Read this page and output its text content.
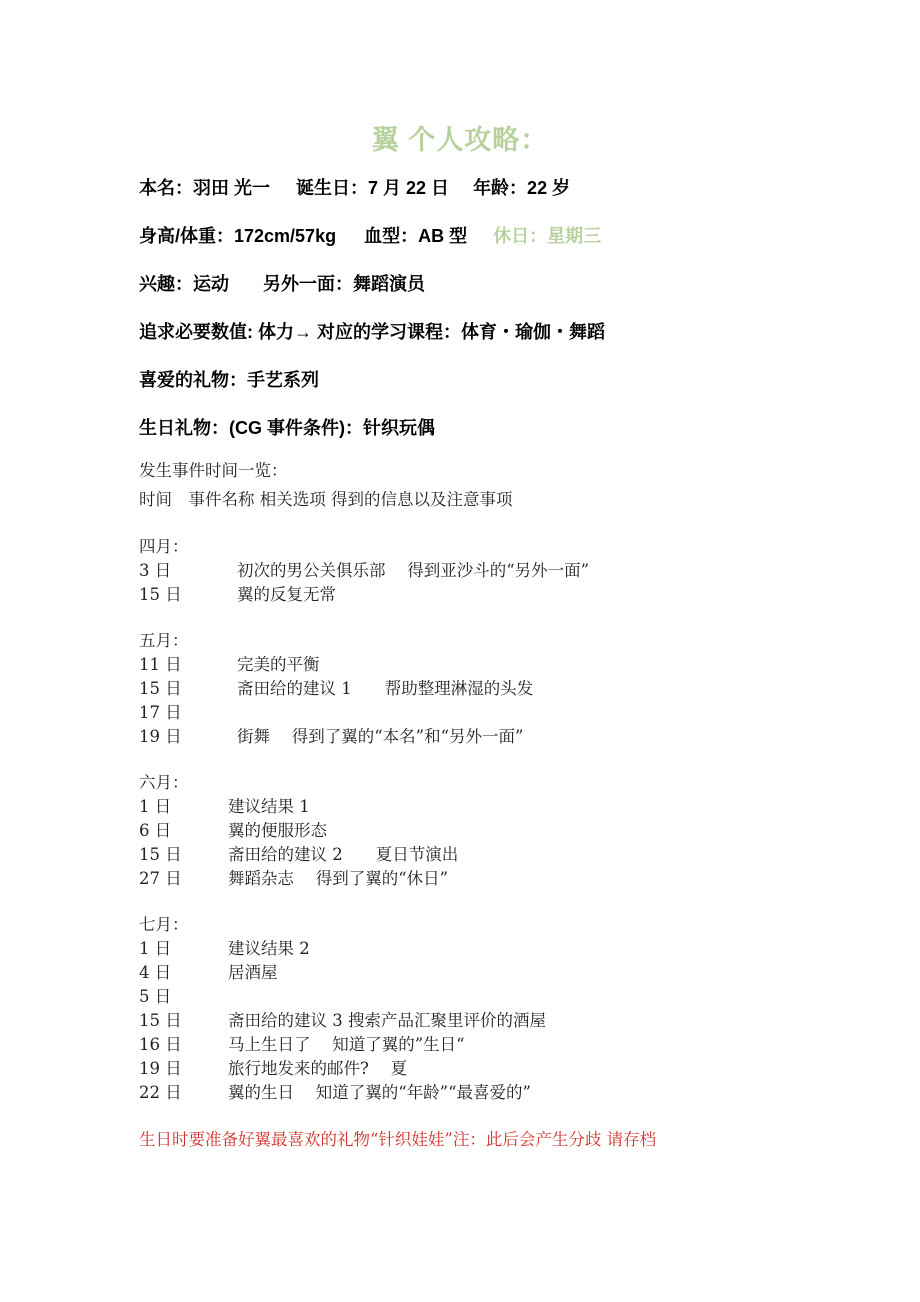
翼 个人攻略：
本名：羽田 光一 诞生日：7 月 22 日 年龄：22 岁
身高/体重：172cm/57kg 血型：AB 型 休日：星期三
兴趣：运动 另外一面：舞蹈演员
追求必要数值: 体力→ 对应的学习课程：体育・瑜伽・舞蹈
喜爱的礼物：手艺系列
生日礼物：(CG 事件条件)：针织玩偶
发生事件时间一览：
时间　事件名称 相关选项 得到的信息以及注意事项
四月：
3 日	初次的男公关俱乐部　 得到亚沙斗的“另外一面”
15 日	翼的反复无常
五月：
11 日	完美的平衡
15 日	斋田给的建议 1　　帮助整理淋湿的头发
17 日
19 日	街舞　 得到了翼的“本名”和“另外一面”
六月：
1 日	建议结果 1
6 日	翼的便服形态
15 日	斋田给的建议 2　　夏日节演出
27 日	舞蹈杂志　 得到了翼的“休日”
七月：
1 日	建议结果 2
4 日	居酒屋
5 日
15 日	斋田给的建议 3 搜索产品汇聚里评价的酒屋
16 日	马上生日了　 知道了翼的”生日“
19 日	旅行地发来的邮件?　 夏
22 日	翼的生日　 知道了翼的“年龄”“最喜爱的”
生日时要准备好翼最喜欢的礼物“针织娃娃”注：此后会产生分歧 请存档
